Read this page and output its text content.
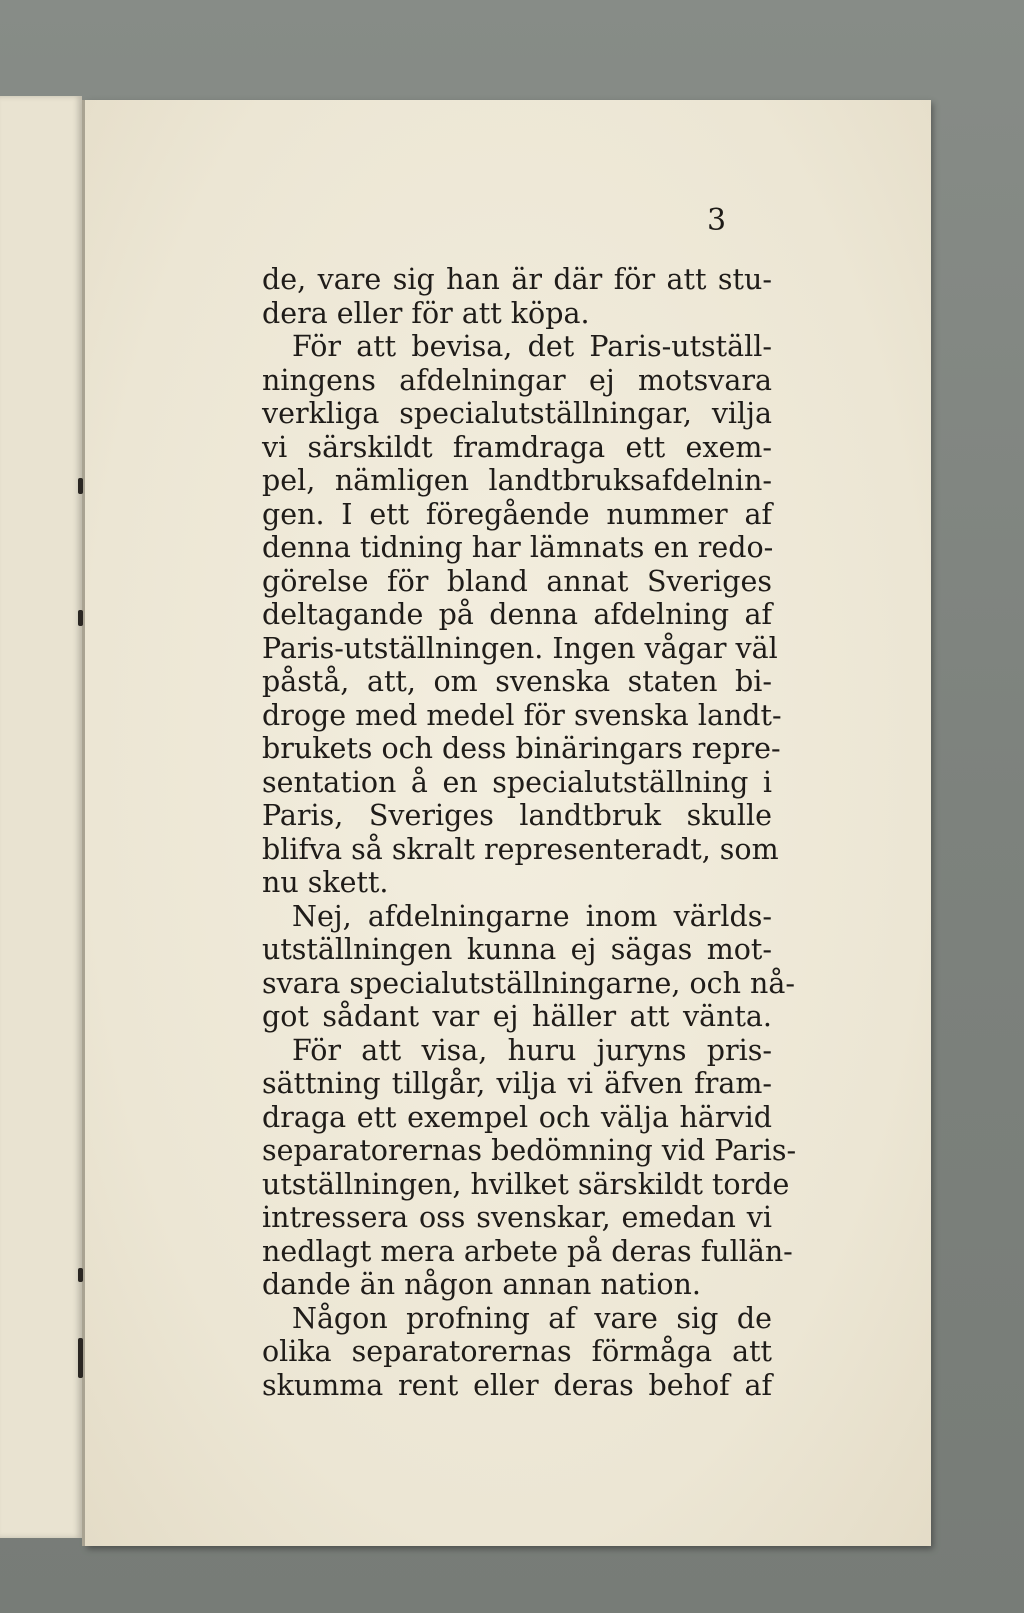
3
de, vare sig han är där för att stu-
dera eller för att köpa.
För att bevisa, det Paris-utställ-
ningens afdelningar ej motsvara
verkliga specialutställningar, vilja
vi särskildt framdraga ett exem-
pel, nämligen landtbruksafdelnin-
gen. I ett föregående nummer af
denna tidning har lämnats en redo-
görelse för bland annat Sveriges
deltagande på denna afdelning af
Paris-utställningen. Ingen vågar väl
påstå, att, om svenska staten bi-
droge med medel för svenska landt-
brukets och dess binäringars repre-
sentation å en specialutställning i
Paris, Sveriges landtbruk skulle
blifva så skralt representeradt, som
nu skett.
Nej, afdelningarne inom världs-
utställningen kunna ej sägas mot-
svara specialutställningarne, och nå-
got sådant var ej häller att vänta.
För att visa, huru juryns pris-
sättning tillgår, vilja vi äfven fram-
draga ett exempel och välja härvid
separatorernas bedömning vid Paris-
utställningen, hvilket särskildt torde
intressera oss svenskar, emedan vi
nedlagt mera arbete på deras fullän-
dande än någon annan nation.
Någon profning af vare sig de
olika separatorernas förmåga att
skumma rent eller deras behof af
